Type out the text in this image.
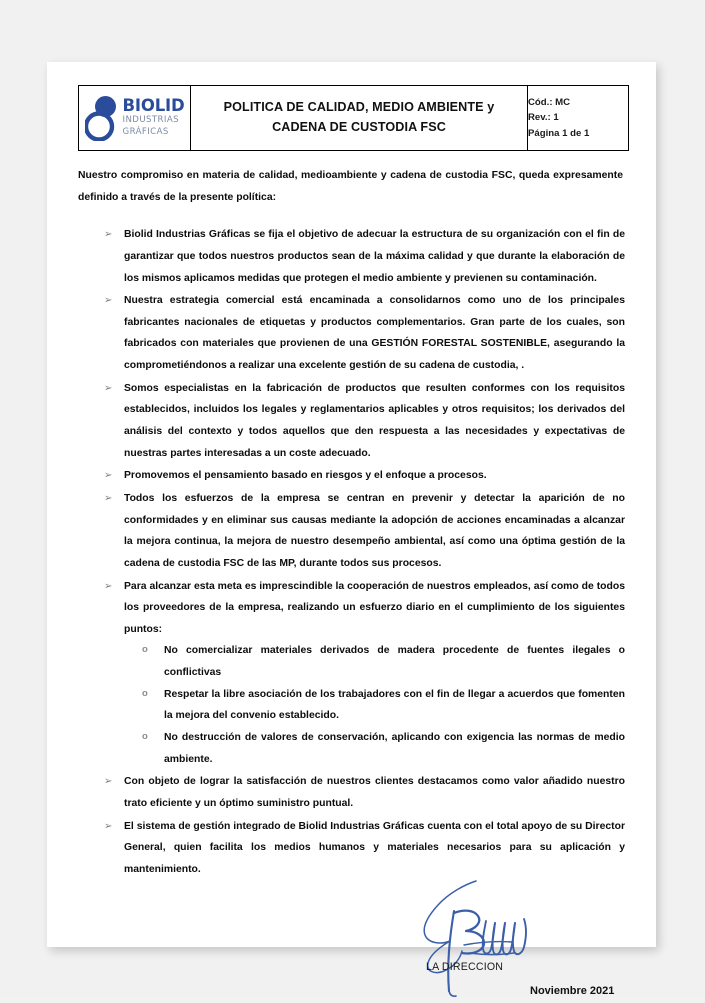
BIOLID
INDUSTRIAS
GRÁFICAS

POLITICA DE CALIDAD, MEDIO AMBIENTE y
CADENA DE CUSTODIA FSC

Cód.: MC
Rev.: 1
Página 1 de 1

Nuestro compromiso en materia de calidad, medioambiente y cadena de custodia FSC, queda expresamente definido a través de la presente política:

➢ Biolid Industrias Gráficas se fija el objetivo de adecuar la estructura de su organización con el fin de garantizar que todos nuestros productos sean de la máxima calidad y que durante la elaboración de los mismos aplicamos medidas que protegen el medio ambiente y previenen su contaminación.
➢ Nuestra estrategia comercial está encaminada a consolidarnos como uno de los principales fabricantes nacionales de etiquetas y productos complementarios. Gran parte de los cuales, son fabricados con materiales que provienen de una GESTIÓN FORESTAL SOSTENIBLE, asegurando la comprometiéndonos a realizar una excelente gestión de su cadena de custodia, .
➢ Somos especialistas en la fabricación de productos que resulten conformes con los requisitos establecidos, incluidos los legales y reglamentarios aplicables y otros requisitos; los derivados del análisis del contexto y todos aquellos que den respuesta a las necesidades y expectativas de nuestras partes interesadas a un coste adecuado.
➢ Promovemos el pensamiento basado en riesgos y el enfoque a procesos.
➢ Todos los esfuerzos de la empresa se centran en prevenir y detectar la aparición de no conformidades y en eliminar sus causas mediante la adopción de acciones encaminadas a alcanzar la mejora continua, la mejora de nuestro desempeño ambiental, así como una óptima gestión de la cadena de custodia FSC de las MP, durante todos sus procesos.
➢ Para alcanzar esta meta es imprescindible la cooperación de nuestros empleados, así como de todos los proveedores de la empresa, realizando un esfuerzo diario en el cumplimiento de los siguientes puntos:
o No comercializar materiales derivados de madera procedente de fuentes ilegales o conflictivas
o Respetar la libre asociación de los trabajadores con el fin de llegar a acuerdos que fomenten la mejora del convenio establecido.
o No destrucción de valores de conservación, aplicando con exigencia las normas de medio ambiente.
➢ Con objeto de lograr la satisfacción de nuestros clientes destacamos como valor añadido nuestro trato eficiente y un óptimo suministro puntual.
➢ El sistema de gestión integrado de Biolid Industrias Gráficas cuenta con el total apoyo de su Director General, quien facilita los medios humanos y materiales necesarios para su aplicación y mantenimiento.
LA DIRECCION
Noviembre 2021
